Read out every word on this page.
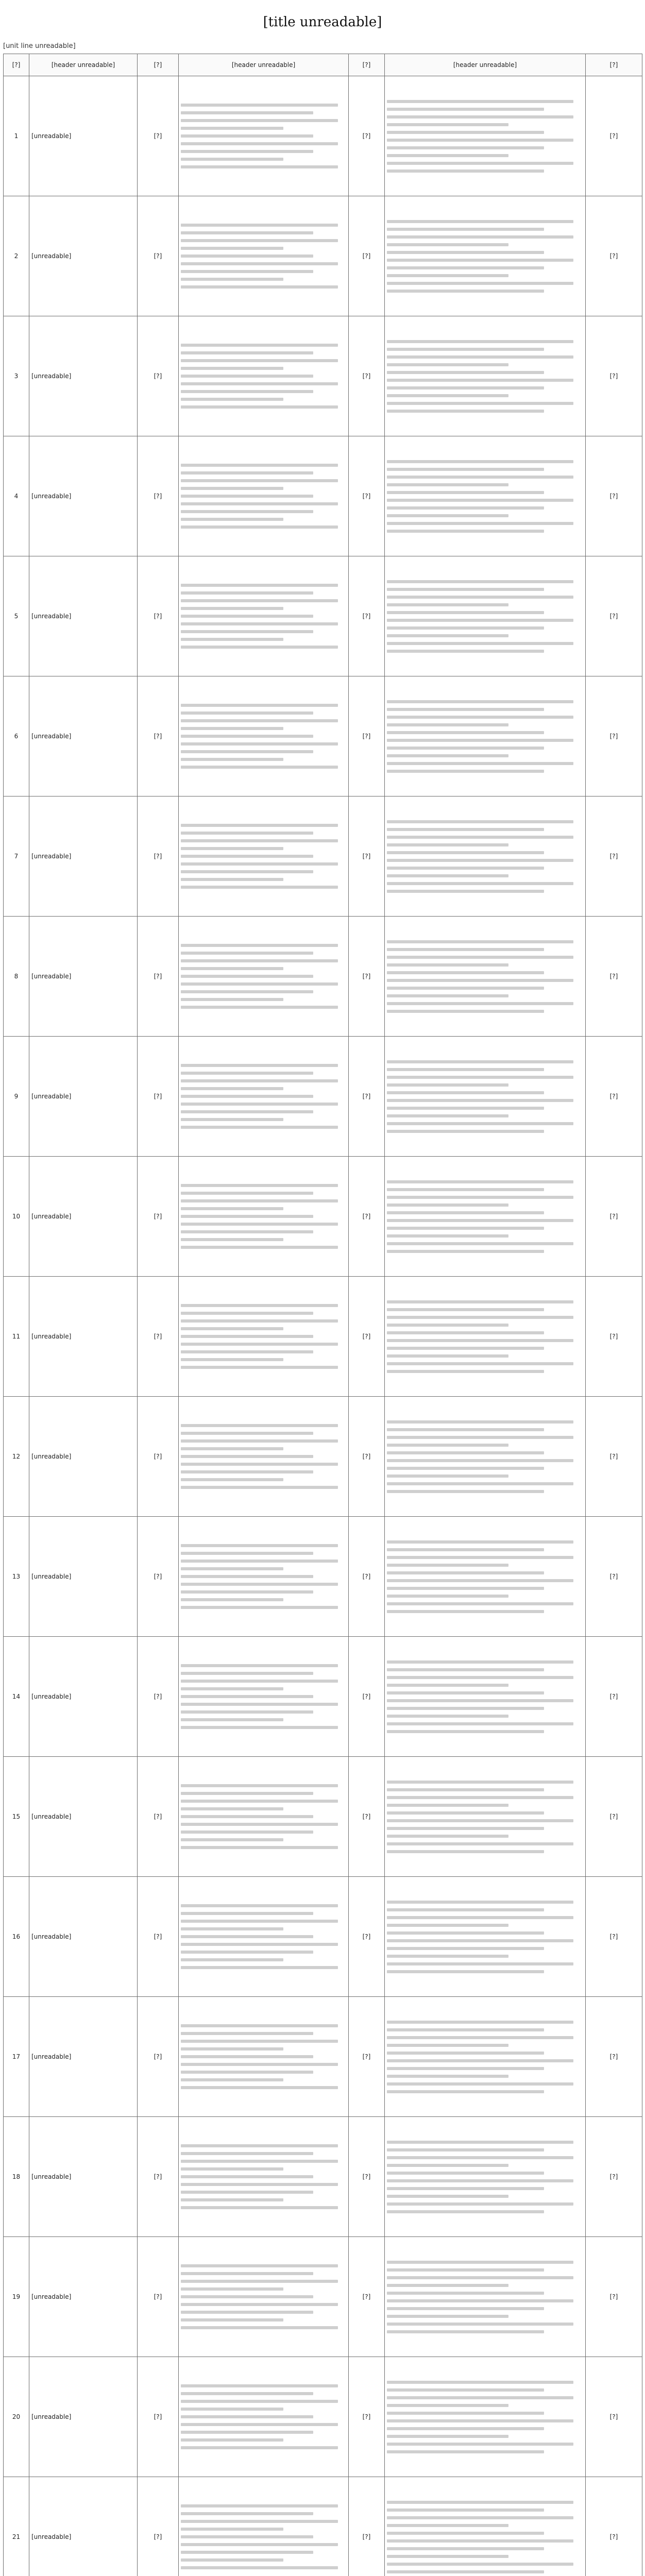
[title unreadable]
[unit line unreadable]
[?]	[header unreadable]	[?]	[header unreadable]	[?]	[header unreadable]	[?]
1	[unreadable]	[?]		[?]		[?]
2	[unreadable]	[?]		[?]		[?]
3	[unreadable]	[?]		[?]		[?]
4	[unreadable]	[?]		[?]		[?]
5	[unreadable]	[?]		[?]		[?]
6	[unreadable]	[?]		[?]		[?]
7	[unreadable]	[?]		[?]		[?]
8	[unreadable]	[?]		[?]		[?]
9	[unreadable]	[?]		[?]		[?]
10	[unreadable]	[?]		[?]		[?]
11	[unreadable]	[?]		[?]		[?]
12	[unreadable]	[?]		[?]		[?]
13	[unreadable]	[?]		[?]		[?]
14	[unreadable]	[?]		[?]		[?]
15	[unreadable]	[?]		[?]		[?]
16	[unreadable]	[?]		[?]		[?]
17	[unreadable]	[?]		[?]		[?]
18	[unreadable]	[?]		[?]		[?]
19	[unreadable]	[?]		[?]		[?]
20	[unreadable]	[?]		[?]		[?]
21	[unreadable]	[?]		[?]		[?]
